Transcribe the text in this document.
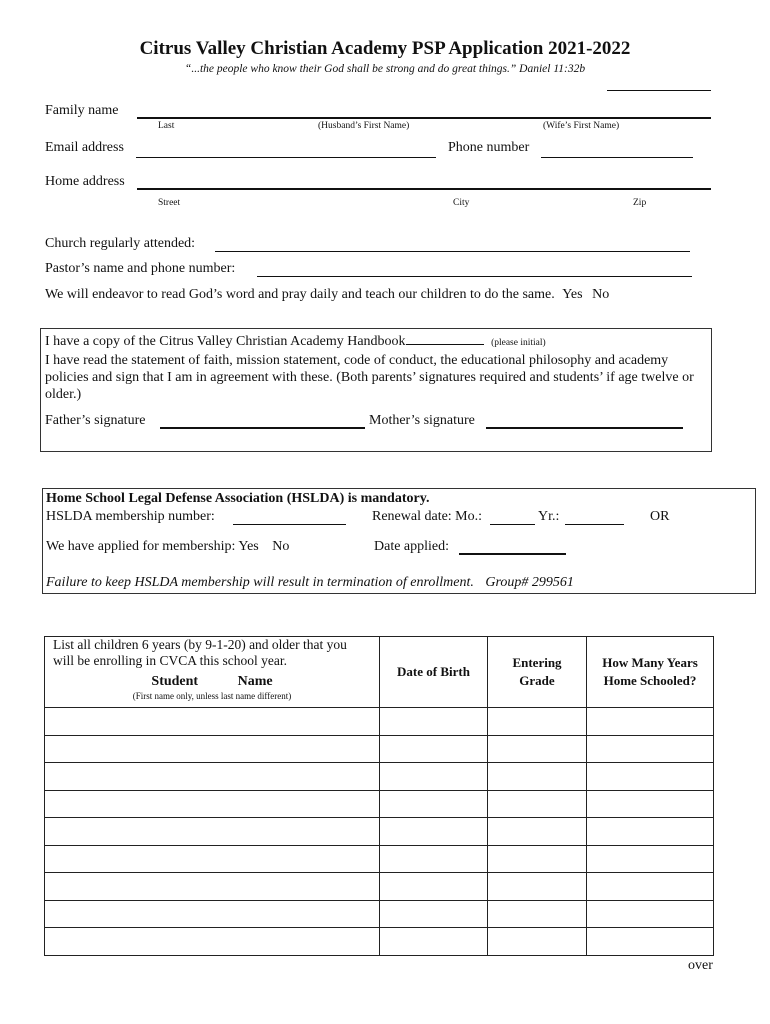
Citrus Valley Christian Academy PSP Application 2021-2022
“...the people who know their God shall be strong and do great things.” Daniel 11:32b
Family name
Last	(Husband’s First Name)	(Wife’s First Name)
Email address	Phone number
Home address
Street	City	Zip
Church regularly attended:
Pastor’s name and phone number:
We will endeavor to read God’s word and pray daily and teach our children to do the same. Yes No
I have a copy of the Citrus Valley Christian Academy Handbook	(please initial)
I have read the statement of faith, mission statement, code of conduct, the educational philosophy and academy policies and sign that I am in agreement with these. (Both parents’ signatures required and students’ if age twelve or older.)
Father’s signature	Mother’s signature
Home School Legal Defense Association (HSLDA) is mandatory.
HSLDA membership number:	Renewal date: Mo.:	Yr.:	OR
We have applied for membership: Yes No	Date applied:
Failure to keep HSLDA membership will result in termination of enrollment. Group# 299561
List all children 6 years (by 9-1-20) and older that you will be enrolling in CVCA this school year.
Student Name
(First name only, unless last name different)	Date of Birth	Entering Grade	How Many Years Home Schooled?

over
